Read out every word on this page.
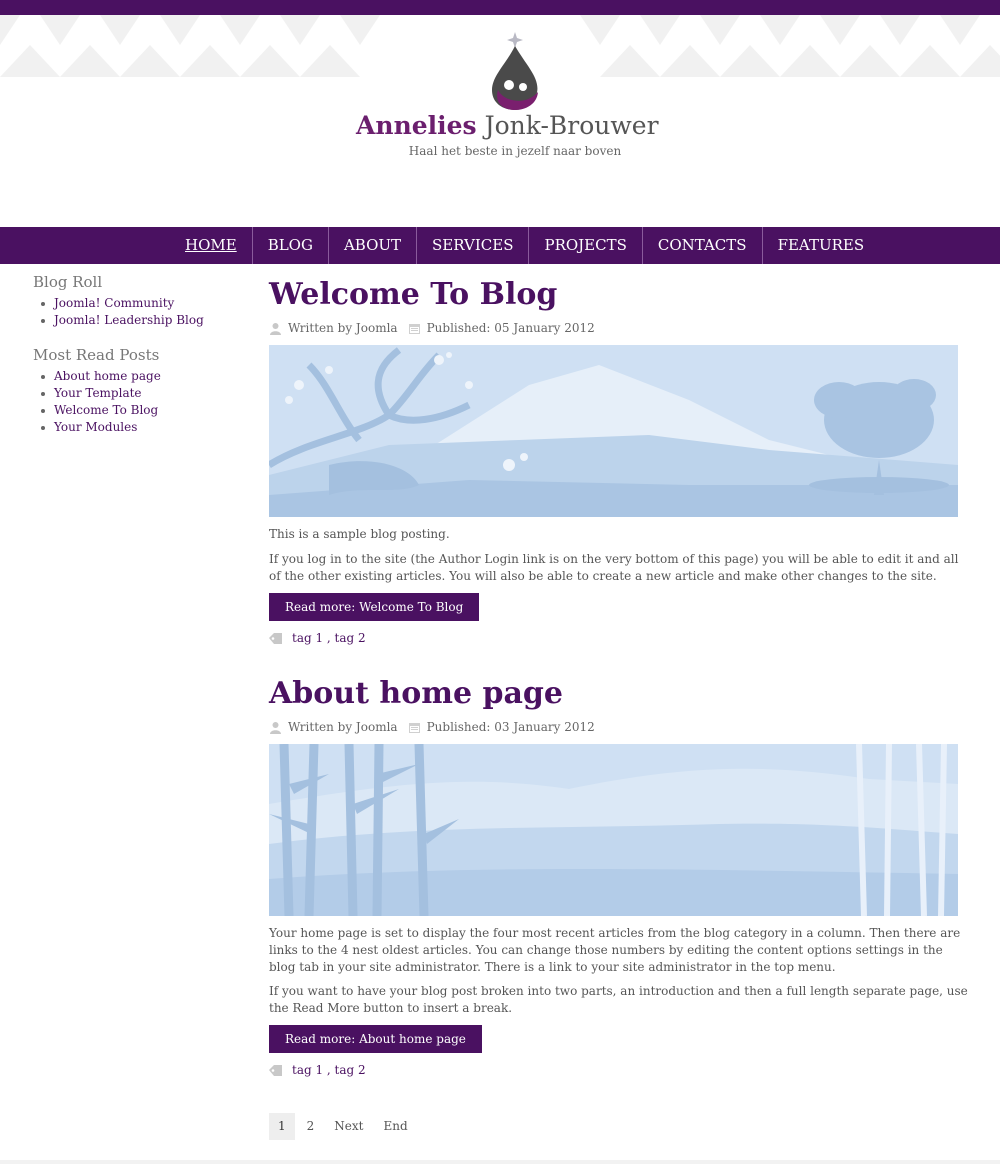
Annelies Jonk-Brouwer
Haal het beste in jezelf naar boven
HOME	BLOG	ABOUT	SERVICES	PROJECTS	CONTACTS	FEATURES
Blog Roll
Joomla! Community
Joomla! Leadership Blog
Most Read Posts
About home page
Your Template
Welcome To Blog
Your Modules
Welcome To Blog
Written by Joomla Published: 05 January 2012

This is a sample blog posting.

If you log in to the site (the Author Login link is on the very bottom of this page) you will be able to edit it and all of the other existing articles. You will also be able to create a new article and make other changes to the site.

Read more: Welcome To Blog
tag 1 , tag 2
About home page
Written by Joomla Published: 03 January 2012

Your home page is set to display the four most recent articles from the blog category in a column. Then there are links to the 4 nest oldest articles. You can change those numbers by editing the content options settings in the blog tab in your site administrator. There is a link to your site administrator in the top menu.

If you want to have your blog post broken into two parts, an introduction and then a full length separate page, use the Read More button to insert a break.

Read more: About home page
tag 1 , tag 2
1	2	Next	End
